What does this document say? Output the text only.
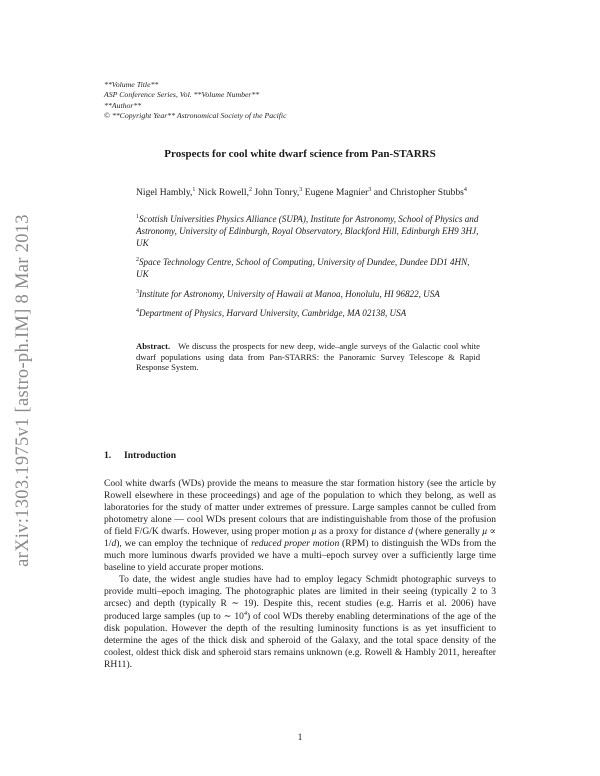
arXiv:1303.1975v1 [astro-ph.IM] 8 Mar 2013
**Volume Title**
ASP Conference Series, Vol. **Volume Number**
**Author**
© **Copyright Year** Astronomical Society of the Pacific
Prospects for cool white dwarf science from Pan-STARRS
Nigel Hambly,$^1$ Nick Rowell,$^2$ John Tonry,$^3$ Eugene Magnier$^3$ and Christopher Stubbs$^4$
$^1$Scottish Universities Physics Alliance (SUPA), Institute for Astronomy, School of Physics and Astronomy, University of Edinburgh, Royal Observatory, Blackford Hill, Edinburgh EH9 3HJ, UK
$^2$Space Technology Centre, School of Computing, University of Dundee, Dundee DD1 4HN, UK
$^3$Institute for Astronomy, University of Hawaii at Manoa, Honolulu, HI 96822, USA
$^4$Department of Physics, Harvard University, Cambridge, MA 02138, USA
Abstract. We discuss the prospects for new deep, wide–angle surveys of the Galactic cool white dwarf populations using data from Pan-STARRS: the Panoramic Survey Telescope & Rapid Response System.
1. Introduction

Cool white dwarfs (WDs) provide the means to measure the star formation history (see the article by Rowell elsewhere in these proceedings) and age of the population to which they belong, as well as laboratories for the study of matter under extremes of pressure. Large samples cannot be culled from photometry alone — cool WDs present colours that are indistinguishable from those of the profusion of field F/G/K dwarfs. However, using proper motion μ as a proxy for distance d (where generally μ ∝ 1/d), we can employ the technique of reduced proper motion (RPM) to distinguish the WDs from the much more luminous dwarfs provided we have a multi–epoch survey over a sufficiently large time baseline to yield accurate proper motions.

To date, the widest angle studies have had to employ legacy Schmidt photographic surveys to provide multi–epoch imaging. The photographic plates are limited in their seeing (typically 2 to 3 arcsec) and depth (typically R ∼ 19). Despite this, recent studies (e.g. Harris et al. 2006) have produced large samples (up to ∼ $10^4$) of cool WDs thereby enabling determinations of the age of the disk population. However the depth of the resulting luminosity functions is as yet insufficient to determine the ages of the thick disk and spheroid of the Galaxy, and the total space density of the coolest, oldest thick disk and spheroid stars remains unknown (e.g. Rowell & Hambly 2011, hereafter RH11).

1
